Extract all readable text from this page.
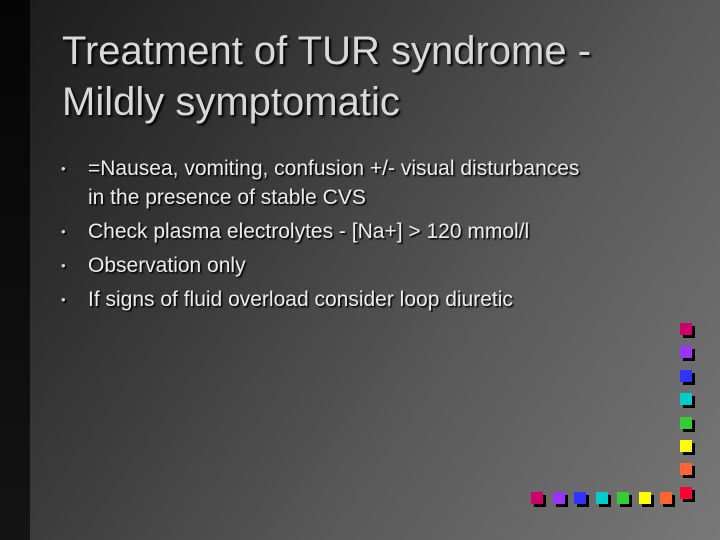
Treatment of TUR syndrome -
Mildly symptomatic
• =Nausea, vomiting, confusion +/- visual disturbances
in the presence of stable CVS
• Check plasma electrolytes - [Na+] > 120 mmol/l
• Observation only
• If signs of fluid overload consider loop diuretic
